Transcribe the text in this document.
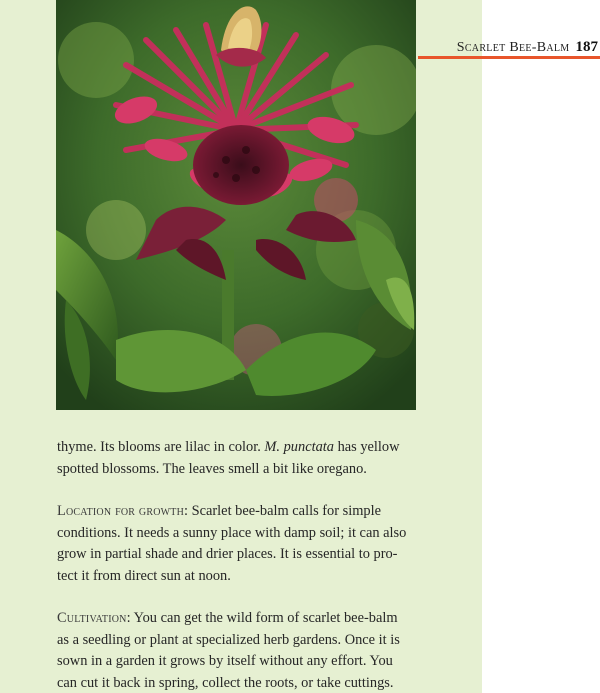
Scarlet Bee-Balm 187

thyme. Its blooms are lilac in color. M. punctata has yellow
spotted blossoms. The leaves smell a bit like oregano.

Location for growth: Scarlet bee-balm calls for simple
conditions. It needs a sunny place with damp soil; it can also
grow in partial shade and drier places. It is essential to pro-
tect it from direct sun at noon.

Cultivation: You can get the wild form of scarlet bee-balm
as a seedling or plant at specialized herb gardens. Once it is
sown in a garden it grows by itself without any effort. You
can cut it back in spring, collect the roots, or take cuttings.
